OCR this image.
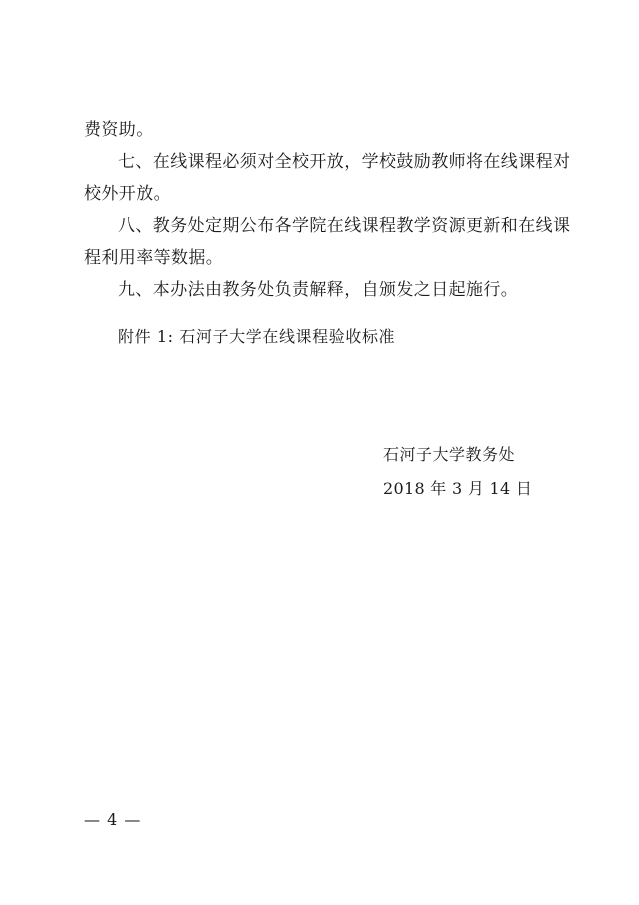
费资助。
七、在线课程必须对全校开放，学校鼓励教师将在线课程对
校外开放。
八、教务处定期公布各学院在线课程教学资源更新和在线课
程利用率等数据。
九、本办法由教务处负责解释，自颁发之日起施行。
附件 1: 石河子大学在线课程验收标准
石河子大学教务处
2018 年 3 月 14 日
— 4 —
